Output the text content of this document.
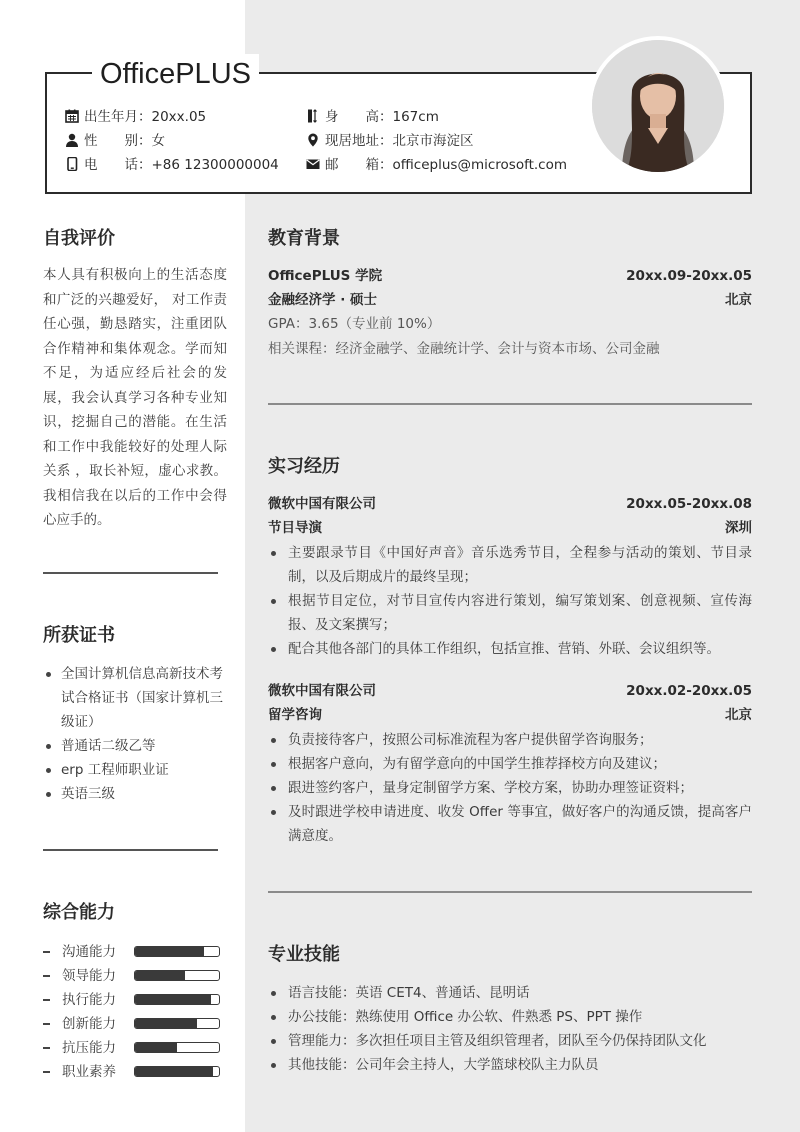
OfficePLUS
出生年月：20xx.05
性　　别：女
电　　话：+86 12300000004
身　　高：167cm
现居地址：北京市海淀区
邮　　箱：officeplus@microsoft.com
自我评价
本人具有积极向上的生活态度和广泛的兴趣爱好， 对工作责任心强，勤恳踏实，注重团队合作精神和集体观念。学而知不足，为适应经后社会的发展，我会认真学习各种专业知识，挖掘自己的潜能。在生活和工作中我能较好的处理人际关系 ，取长补短，虚心求教。我相信我在以后的工作中会得心应手的。
所获证书
全国计算机信息高新技术考试合格证书（国家计算机三级证）
普通话二级乙等
erp 工程师职业证
英语三级
综合能力
沟通能力
领导能力
执行能力
创新能力
抗压能力
职业素养
教育背景
OfficePLUS 学院	20xx.09-20xx.05
金融经济学 · 硕士	北京
GPA：3.65（专业前 10%）
相关课程：经济金融学、金融统计学、会计与资本市场、公司金融
实习经历
微软中国有限公司	20xx.05-20xx.08
节目导演	深圳
主要跟录节目《中国好声音》音乐选秀节目，全程参与活动的策划、节目录制，以及后期成片的最终呈现；
根据节目定位，对节目宣传内容进行策划，编写策划案、创意视频、宣传海报、及文案撰写；
配合其他各部门的具体工作组织，包括宣推、营销、外联、会议组织等。
微软中国有限公司	20xx.02-20xx.05
留学咨询	北京
负责接待客户，按照公司标准流程为客户提供留学咨询服务；
根据客户意向，为有留学意向的中国学生推荐择校方向及建议；
跟进签约客户，量身定制留学方案、学校方案，协助办理签证资料；
及时跟进学校申请进度、收发 Offer 等事宜，做好客户的沟通反馈，提高客户满意度。
专业技能
语言技能：英语 CET4、普通话、昆明话
办公技能：熟练使用 Office 办公软、件熟悉 PS、PPT 操作
管理能力：多次担任项目主管及组织管理者，团队至今仍保持团队文化
其他技能：公司年会主持人，大学篮球校队主力队员
